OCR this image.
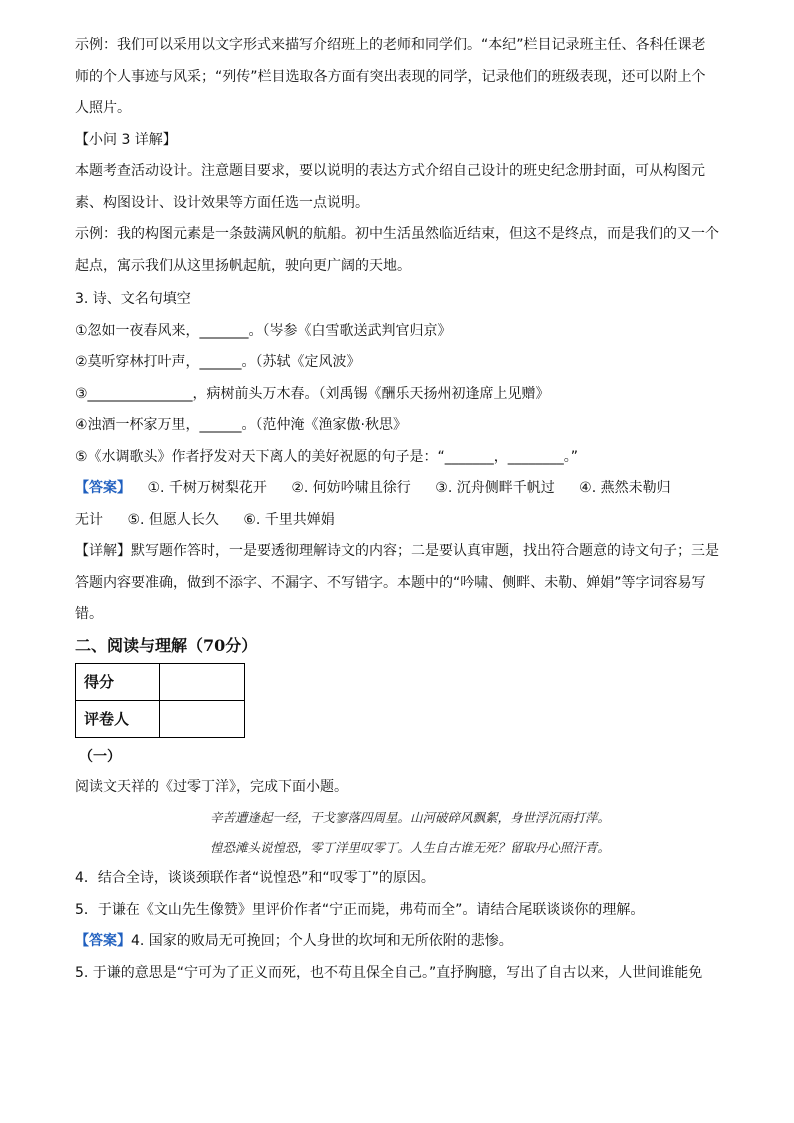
示例：我们可以采用以文字形式来描写介绍班上的老师和同学们。“本纪”栏目记录班主任、各科任课老

师的个人事迹与风采；“列传”栏目选取各方面有突出表现的同学，记录他们的班级表现，还可以附上个

人照片。

【小问 3 详解】

本题考查活动设计。注意题目要求，要以说明的表达方式介绍自己设计的班史纪念册封面，可从构图元

素、构图设计、设计效果等方面任选一点说明。

示例：我的构图元素是一条鼓满风帆的航船。初中生活虽然临近结束，但这不是终点，而是我们的又一个

起点，寓示我们从这里扬帆起航，驶向更广阔的天地。

3. 诗、文名句填空

①忽如一夜春风来，_______。（岑参《白雪歌送武判官归京》

②莫听穿林打叶声，______。（苏轼《定风波》

③_______________，病树前头万木春。（刘禹锡《酬乐天扬州初逢席上见赠》

④浊酒一杯家万里，______。（范仲淹《渔家傲·秋思》

⑤《水调歌头》作者抒发对天下离人的美好祝愿的句子是：“_______，________。”

【答案】 ①. 千树万树梨花开 ②. 何妨吟啸且徐行 ③. 沉舟侧畔千帆过 ④. 燕然未勒归

无计 ⑤. 但愿人长久 ⑥. 千里共婵娟

【详解】默写题作答时，一是要透彻理解诗文的内容；二是要认真审题，找出符合题意的诗文句子；三是

答题内容要准确，做到不添字、不漏字、不写错字。本题中的“吟啸、侧畔、未勒、婵娟”等字词容易写

错。

二、阅读与理解（70分）

得分	
评卷人	

（一）

阅读文天祥的《过零丁洋》，完成下面小题。

辛苦遭逢起一经，干戈寥落四周星。山河破碎风飘絮，身世浮沉雨打萍。

惶恐滩头说惶恐，零丁洋里叹零丁。人生自古谁无死？留取丹心照汗青。

4．结合全诗，谈谈颈联作者“说惶恐”和“叹零丁”的原因。

5．于谦在《文山先生像赞》里评价作者“宁正而毙，弗苟而全”。请结合尾联谈谈你的理解。

【答案】4. 国家的败局无可挽回；个人身世的坎坷和无所依附的悲惨。

5. 于谦的意思是“宁可为了正义而死，也不苟且保全自己。”直抒胸臆，写出了自古以来，人世间谁能免
